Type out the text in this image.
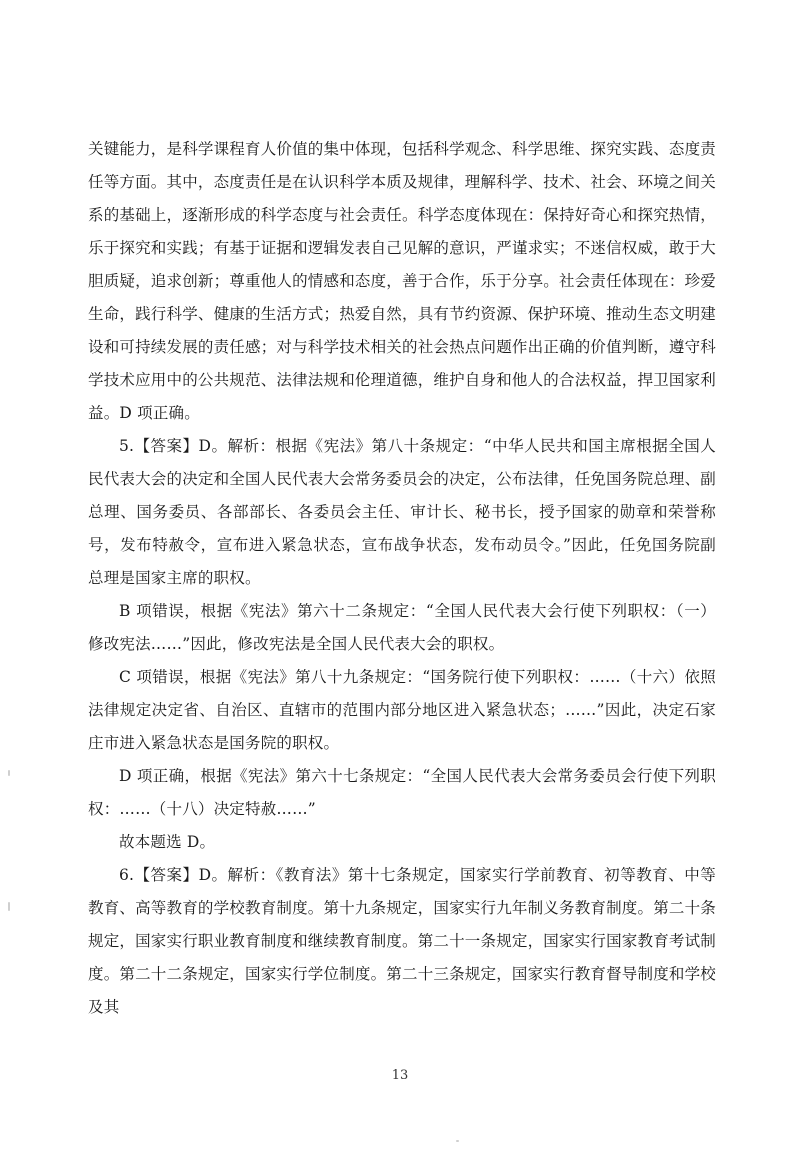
关键能力，是科学课程育人价值的集中体现，包括科学观念、科学思维、探究实践、态度责任等方面。其中，态度责任是在认识科学本质及规律，理解科学、技术、社会、环境之间关系的基础上，逐渐形成的科学态度与社会责任。科学态度体现在：保持好奇心和探究热情，乐于探究和实践；有基于证据和逻辑发表自己见解的意识，严谨求实；不迷信权威，敢于大胆质疑，追求创新；尊重他人的情感和态度，善于合作，乐于分享。社会责任体现在：珍爱生命，践行科学、健康的生活方式；热爱自然，具有节约资源、保护环境、推动生态文明建设和可持续发展的责任感；对与科学技术相关的社会热点问题作出正确的价值判断，遵守科学技术应用中的公共规范、法律法规和伦理道德，维护自身和他人的合法权益，捍卫国家利益。D 项正确。

5.【答案】D。解析：根据《宪法》第八十条规定：“中华人民共和国主席根据全国人民代表大会的决定和全国人民代表大会常务委员会的决定，公布法律，任免国务院总理、副总理、国务委员、各部部长、各委员会主任、审计长、秘书长，授予国家的勋章和荣誉称号，发布特赦令，宣布进入紧急状态，宣布战争状态，发布动员令。”因此，任免国务院副总理是国家主席的职权。

B 项错误，根据《宪法》第六十二条规定：“全国人民代表大会行使下列职权：（一）修改宪法……”因此，修改宪法是全国人民代表大会的职权。

C 项错误，根据《宪法》第八十九条规定：“国务院行使下列职权：……（十六）依照法律规定决定省、自治区、直辖市的范围内部分地区进入紧急状态；……”因此，决定石家庄市进入紧急状态是国务院的职权。

D 项正确，根据《宪法》第六十七条规定：“全国人民代表大会常务委员会行使下列职权：……（十八）决定特赦……”

故本题选 D。

6.【答案】D。解析：《教育法》第十七条规定，国家实行学前教育、初等教育、中等教育、高等教育的学校教育制度。第十九条规定，国家实行九年制义务教育制度。第二十条规定，国家实行职业教育制度和继续教育制度。第二十一条规定，国家实行国家教育考试制度。第二十二条规定，国家实行学位制度。第二十三条规定，国家实行教育督导制度和学校及其

13
